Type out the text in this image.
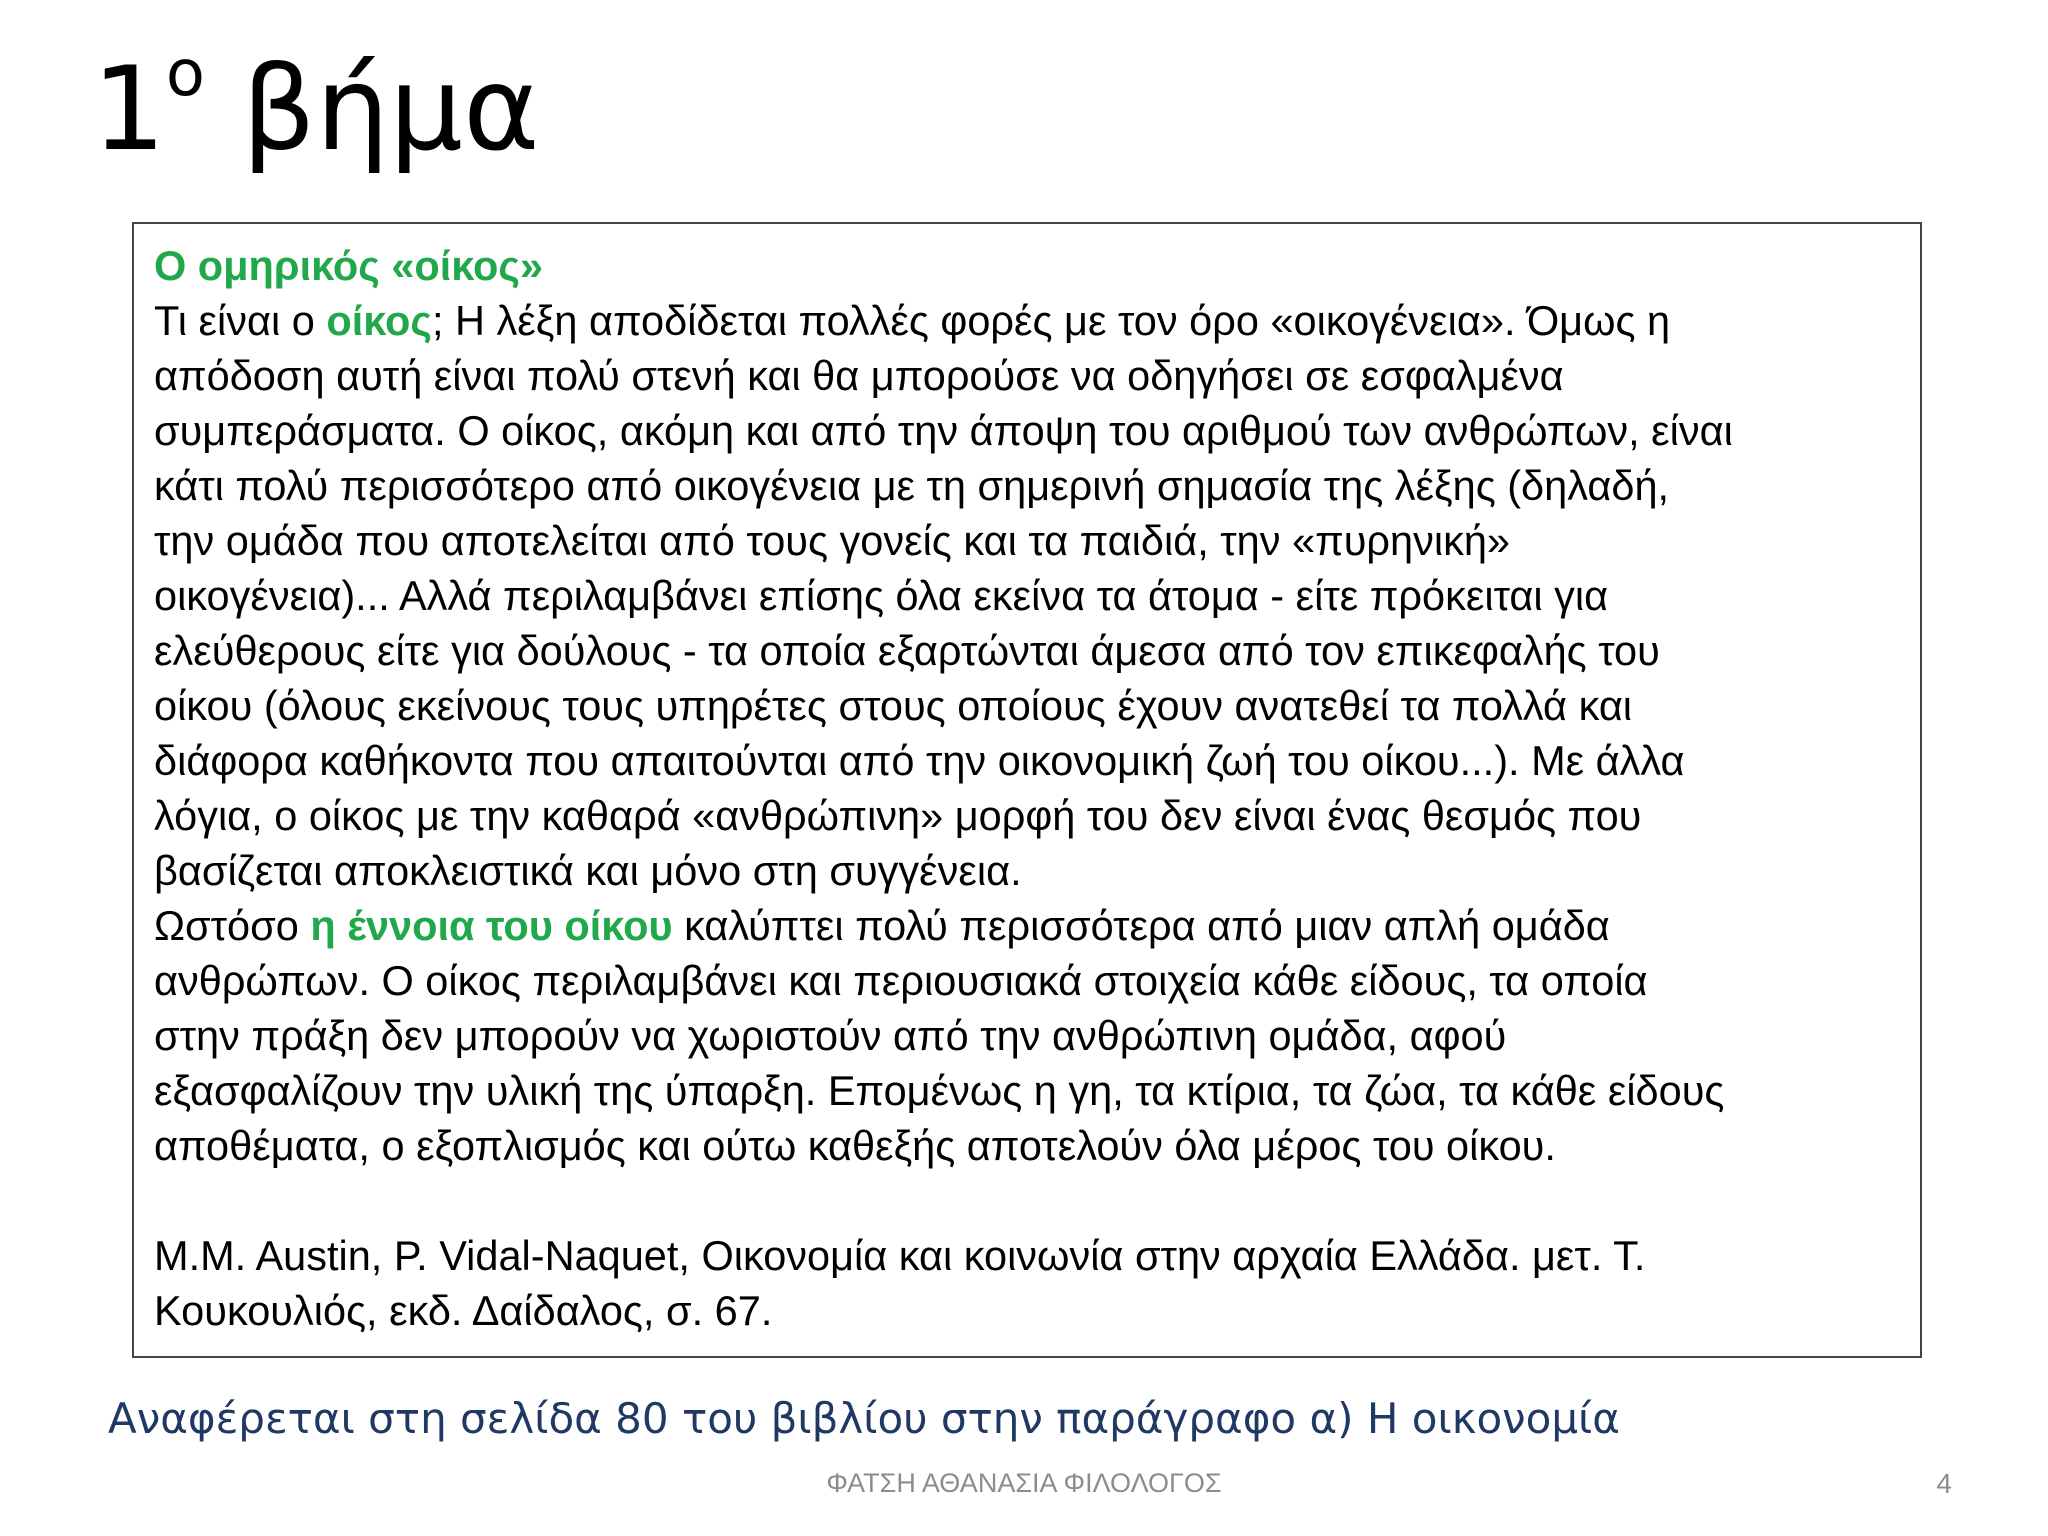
$1^o$ βήμα

Ο ομηρικός «οίκος»

Τι είναι ο οίκος; Η λέξη αποδίδεται πολλές φορές με τον όρο «οικογένεια». Όμως η

απόδοση αυτή είναι πολύ στενή και θα μπορούσε να οδηγήσει σε εσφαλμένα

συμπεράσματα. Ο οίκος, ακόμη και από την άποψη του αριθμού των ανθρώπων, είναι

κάτι πολύ περισσότερο από οικογένεια με τη σημερινή σημασία της λέξης (δηλαδή,

την ομάδα που αποτελείται από τους γονείς και τα παιδιά, την «πυρηνική»

οικογένεια)... Αλλά περιλαμβάνει επίσης όλα εκείνα τα άτομα - είτε πρόκειται για

ελεύθερους είτε για δούλους - τα οποία εξαρτώνται άμεσα από τον επικεφαλής του

οίκου (όλους εκείνους τους υπηρέτες στους οποίους έχουν ανατεθεί τα πολλά και

διάφορα καθήκοντα που απαιτούνται από την οικονομική ζωή του οίκου...). Με άλλα

λόγια, ο οίκος με την καθαρά «ανθρώπινη» μορφή του δεν είναι ένας θεσμός που

βασίζεται αποκλειστικά και μόνο στη συγγένεια.

Ωστόσο η έννοια του οίκου καλύπτει πολύ περισσότερα από μιαν απλή ομάδα

ανθρώπων. Ο οίκος περιλαμβάνει και περιουσιακά στοιχεία κάθε είδους, τα οποία

στην πράξη δεν μπορούν να χωριστούν από την ανθρώπινη ομάδα, αφού

εξασφαλίζουν την υλική της ύπαρξη. Επομένως η γη, τα κτίρια, τα ζώα, τα κάθε είδους

αποθέματα, ο εξοπλισμός και ούτω καθεξής αποτελούν όλα μέρος του οίκου.

M.M. Austin, P. Vidal-Naquet, Οικονομία και κοινωνία στην αρχαία Ελλάδα. μετ. Τ.

Κουκουλιός, εκδ. Δαίδαλος, σ. 67.

Αναφέρεται στη σελίδα 80 του βιβλίου στην παράγραφο α) Η οικονομία

ΦΑΤΣΗ ΑΘΑΝΑΣΙΑ ΦΙΛΟΛΟΓΟΣ	4
